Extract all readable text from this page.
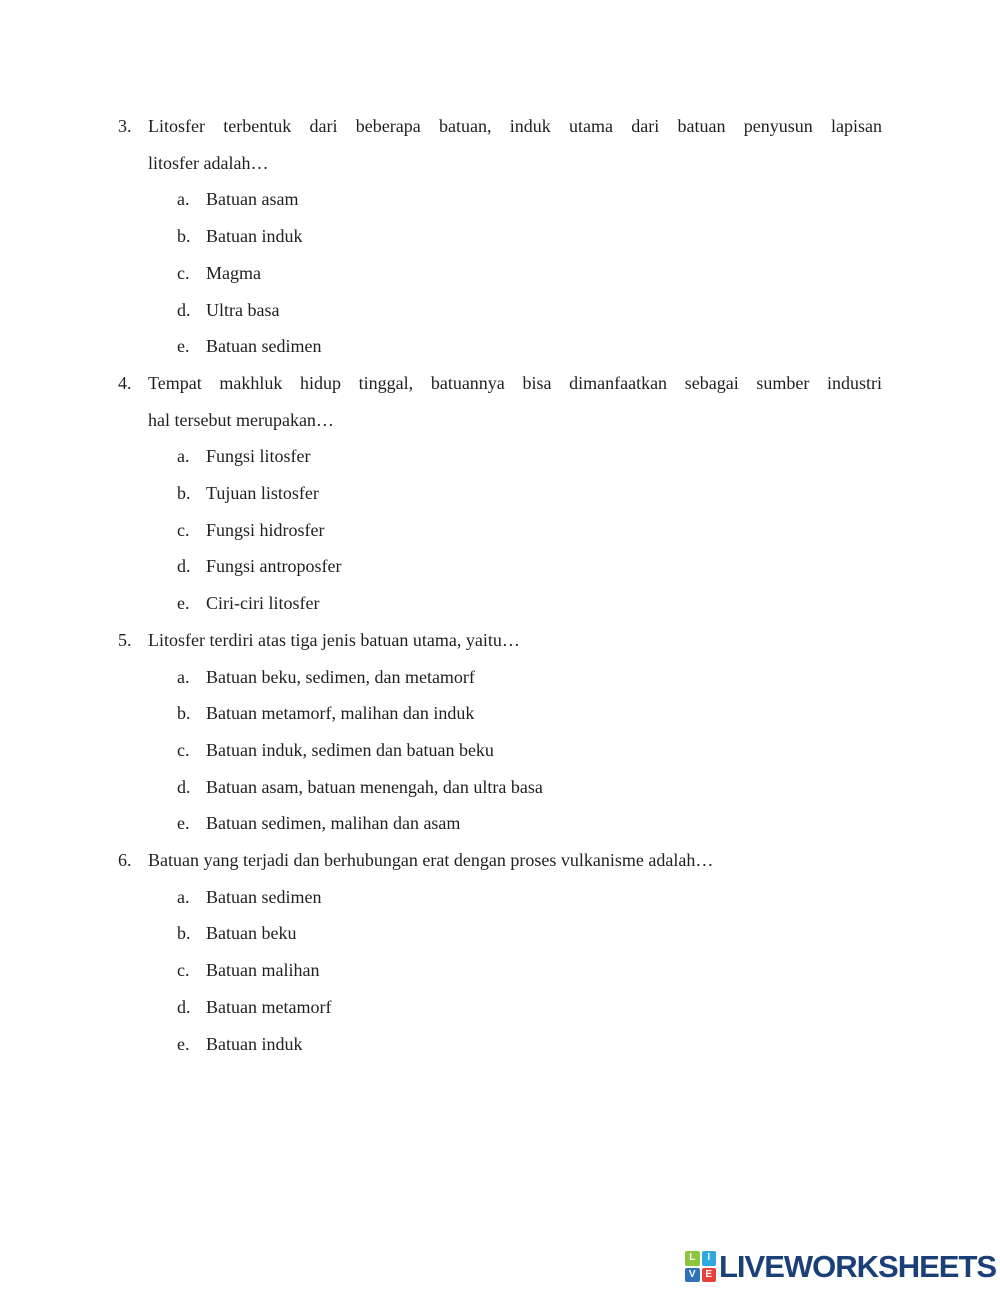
3. Litosfer terbentuk dari beberapa batuan, induk utama dari batuan penyusun lapisan
litosfer adalah…
a. Batuan asam
b. Batuan induk
c. Magma
d. Ultra basa
e. Batuan sedimen
4. Tempat makhluk hidup tinggal, batuannya bisa dimanfaatkan sebagai sumber industri
hal tersebut merupakan…
a. Fungsi litosfer
b. Tujuan listosfer
c. Fungsi hidrosfer
d. Fungsi antroposfer
e. Ciri-ciri litosfer
5. Litosfer terdiri atas tiga jenis batuan utama, yaitu…
a. Batuan beku, sedimen, dan metamorf
b. Batuan metamorf, malihan dan induk
c. Batuan induk, sedimen dan batuan beku
d. Batuan asam, batuan menengah, dan ultra basa
e. Batuan sedimen, malihan dan asam
6. Batuan yang terjadi dan berhubungan erat dengan proses vulkanisme adalah…
a. Batuan sedimen
b. Batuan beku
c. Batuan malihan
d. Batuan metamorf
e. Batuan induk
L	I
V E LIVEWORKSHEETS
